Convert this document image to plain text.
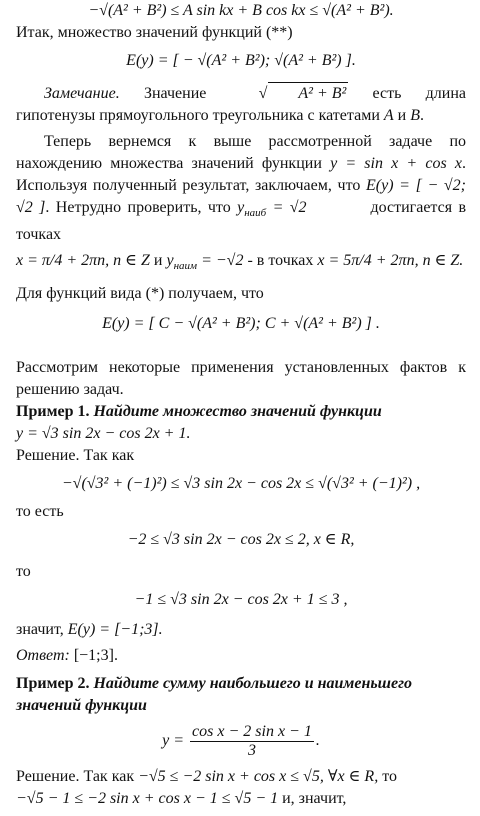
−√(A² + B²) ≤ A sin kx + B cos kx ≤ √(A² + B²).

Итак, множество значений функций (**)

E(y) = [ − √(A² + B²); √(A² + B²) ].

Замечание. Значение	√ A² + B² есть длина гипотенузы прямоугольного треугольника с катетами A и B.

Теперь вернемся к выше рассмотренной задаче по нахождению множества значений функции y = sin x + cos x. Используя полученный результат, заключаем, что E(y) = [ − √2; √2 ]. Нетрудно проверить, что $y_{наиб} = √2$	достигается в точках

x = π/4 + 2πn, n ∈ Z и $y_{наим} = -√2 - в$ точках x = 5π/4 + 2πn, n ∈ Z.

Для функций вида (*) получаем, что

E(y) = [ C − √(A² + B²); C + √(A² + B²) ] .

Рассмотрим некоторые применения установленных фактов к решению задач.

Пример 1. Найдите множество значений функции

y = √3 sin 2x − cos 2x + 1.

Решение. Так как

−√(√3² + (−1)²) ≤ √3 sin 2x − cos 2x ≤ √(√3² + (−1)²) ,

то есть

−2 ≤ √3 sin 2x − cos 2x ≤ 2, x ∈ R,

то

−1 ≤ √3 sin 2x − cos 2x + 1 ≤ 3 ,

значит, E(y) = [−1;3].

Ответ: [−1;3].

Пример 2. Найдите сумму наибольшего и наименьшего значений функции

$y = \frac{\text{cos x − 2 sin x − 1}}{3}$ .

Решение. Так как −√5 ≤ −2 sin x + cos x ≤ √5, ∀x ∈ R, то

−√5 − 1 ≤ −2 sin x + cos x − 1 ≤ √5 − 1 и, значит,
